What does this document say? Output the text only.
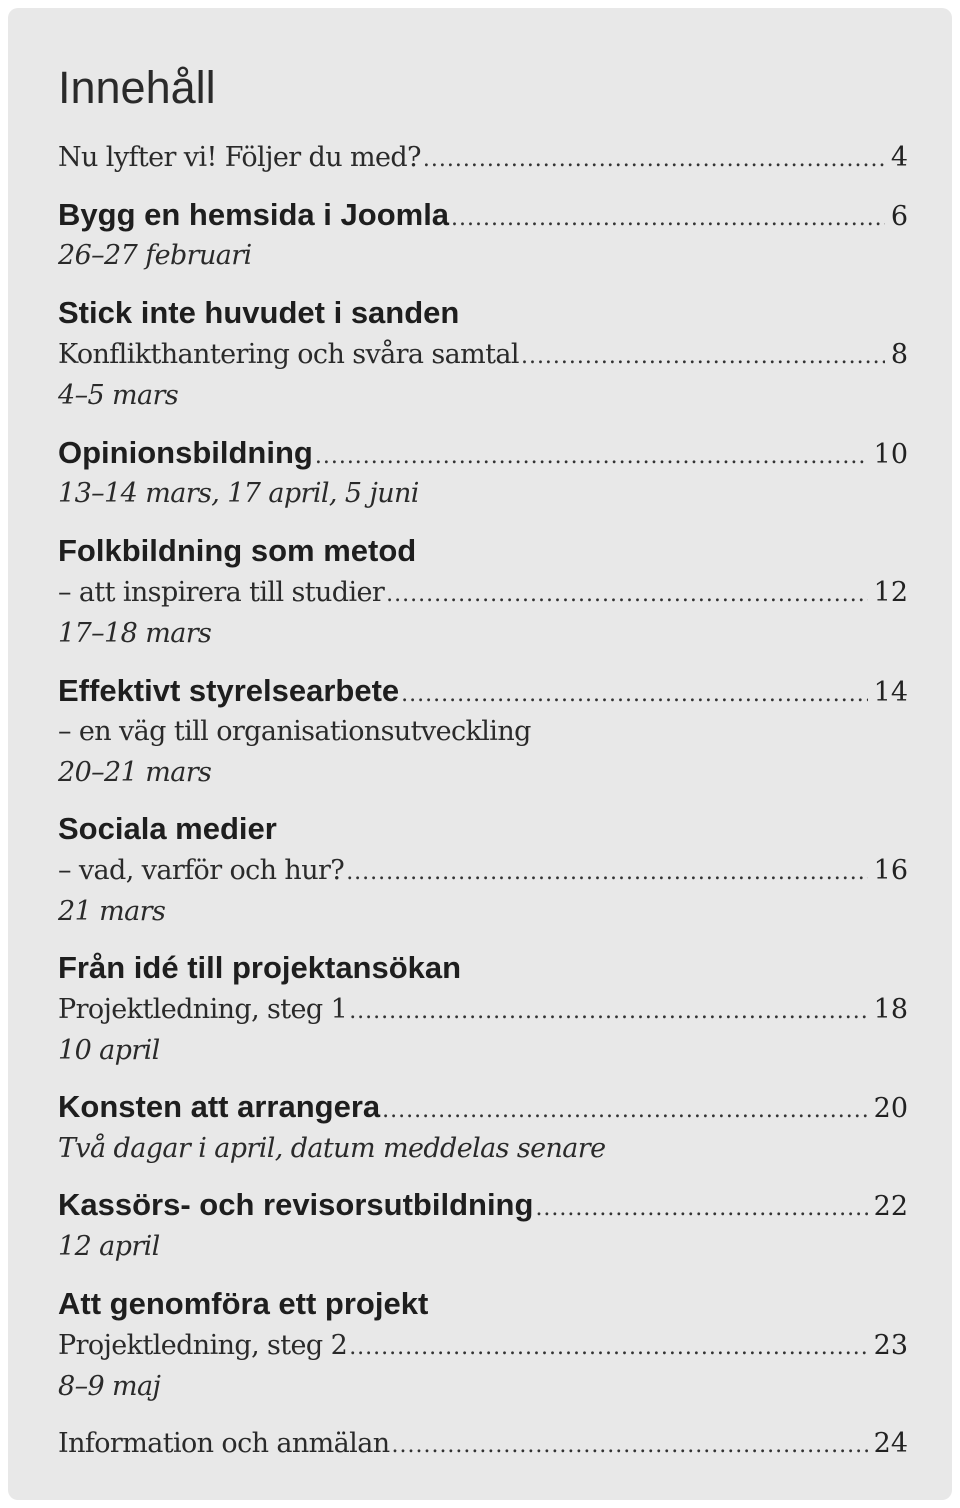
Innehåll
Nu lyfter vi! Följer du med? .....	4
Bygg en hemsida i Joomla .....	6
26–27 februari
Stick inte huvudet i sanden
Konflikthantering och svåra samtal .....	8
4–5 mars
Opinionsbildning .....	10
13–14 mars, 17 april, 5 juni
Folkbildning som metod
– att inspirera till studier .....	12
17–18 mars
Effektivt styrelsearbete .....	14
– en väg till organisationsutveckling
20–21 mars
Sociala medier
– vad, varför och hur? .....	16
21 mars
Från idé till projektansökan
Projektledning, steg 1 .....	18
10 april
Konsten att arrangera .....	20
Två dagar i april, datum meddelas senare
Kassörs- och revisorsutbildning .....	22
12 april
Att genomföra ett projekt
Projektledning, steg 2 .....	23
8–9 maj
Information och anmälan .....	24
